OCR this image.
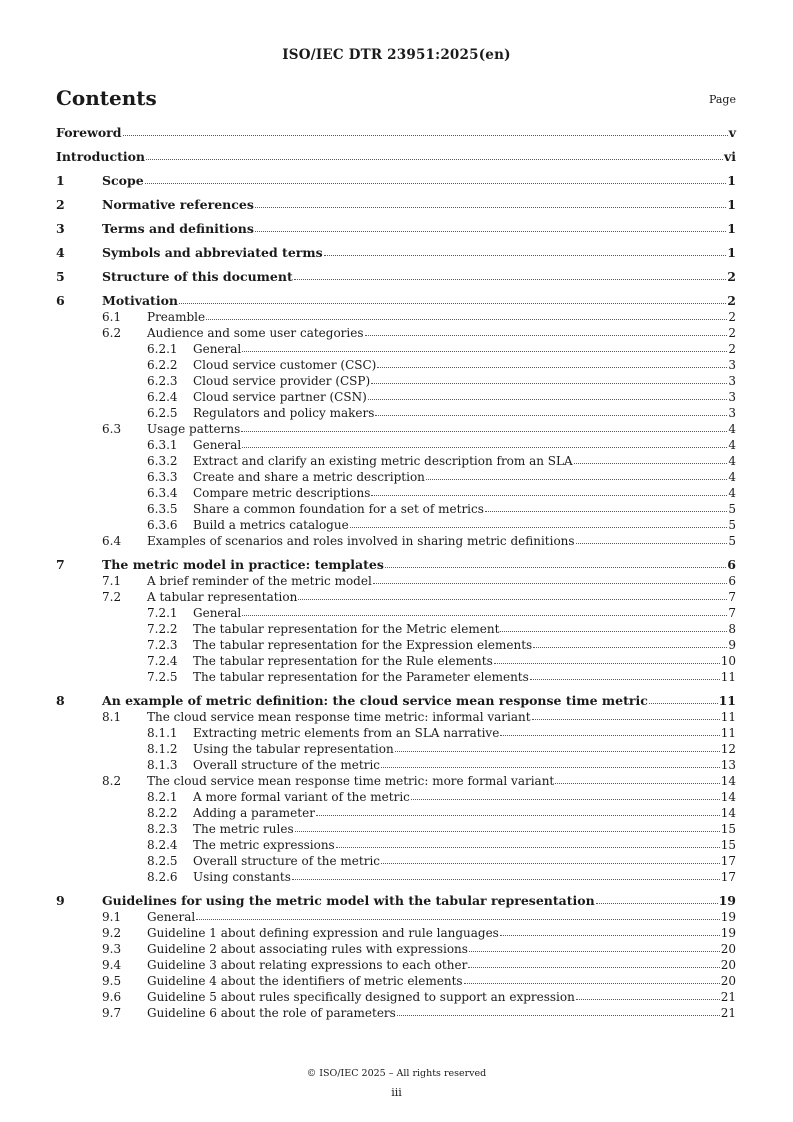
ISO/IEC DTR 23951:2025(en)
Contents	Page
Foreword	v
Introduction	vi
1	Scope	1
2	Normative references	1
3	Terms and definitions	1
4	Symbols and abbreviated terms	1
5	Structure of this document	2
6	Motivation	2
6.1	Preamble	2
6.2	Audience and some user categories	2
6.2.1	General	2
6.2.2	Cloud service customer (CSC)	3
6.2.3	Cloud service provider (CSP)	3
6.2.4	Cloud service partner (CSN)	3
6.2.5	Regulators and policy makers	3
6.3	Usage patterns	4
6.3.1	General	4
6.3.2	Extract and clarify an existing metric description from an SLA	4
6.3.3	Create and share a metric description	4
6.3.4	Compare metric descriptions	4
6.3.5	Share a common foundation for a set of metrics	5
6.3.6	Build a metrics catalogue	5
6.4	Examples of scenarios and roles involved in sharing metric definitions	5
7	The metric model in practice: templates	6
7.1	A brief reminder of the metric model	6
7.2	A tabular representation	7
7.2.1	General	7
7.2.2	The tabular representation for the Metric element	8
7.2.3	The tabular representation for the Expression elements	9
7.2.4	The tabular representation for the Rule elements	10
7.2.5	The tabular representation for the Parameter elements	11
8	An example of metric definition: the cloud service mean response time metric	11
8.1	The cloud service mean response time metric: informal variant	11
8.1.1	Extracting metric elements from an SLA narrative	11
8.1.2	Using the tabular representation	12
8.1.3	Overall structure of the metric	13
8.2	The cloud service mean response time metric: more formal variant	14
8.2.1	A more formal variant of the metric	14
8.2.2	Adding a parameter	14
8.2.3	The metric rules	15
8.2.4	The metric expressions	15
8.2.5	Overall structure of the metric	17
8.2.6	Using constants	17
9	Guidelines for using the metric model with the tabular representation	19
9.1	General	19
9.2	Guideline 1 about defining expression and rule languages	19
9.3	Guideline 2 about associating rules with expressions	20
9.4	Guideline 3 about relating expressions to each other	20
9.5	Guideline 4 about the identifiers of metric elements	20
9.6	Guideline 5 about rules specifically designed to support an expression	21
9.7	Guideline 6 about the role of parameters	21
© ISO/IEC 2025 – All rights reserved
iii
